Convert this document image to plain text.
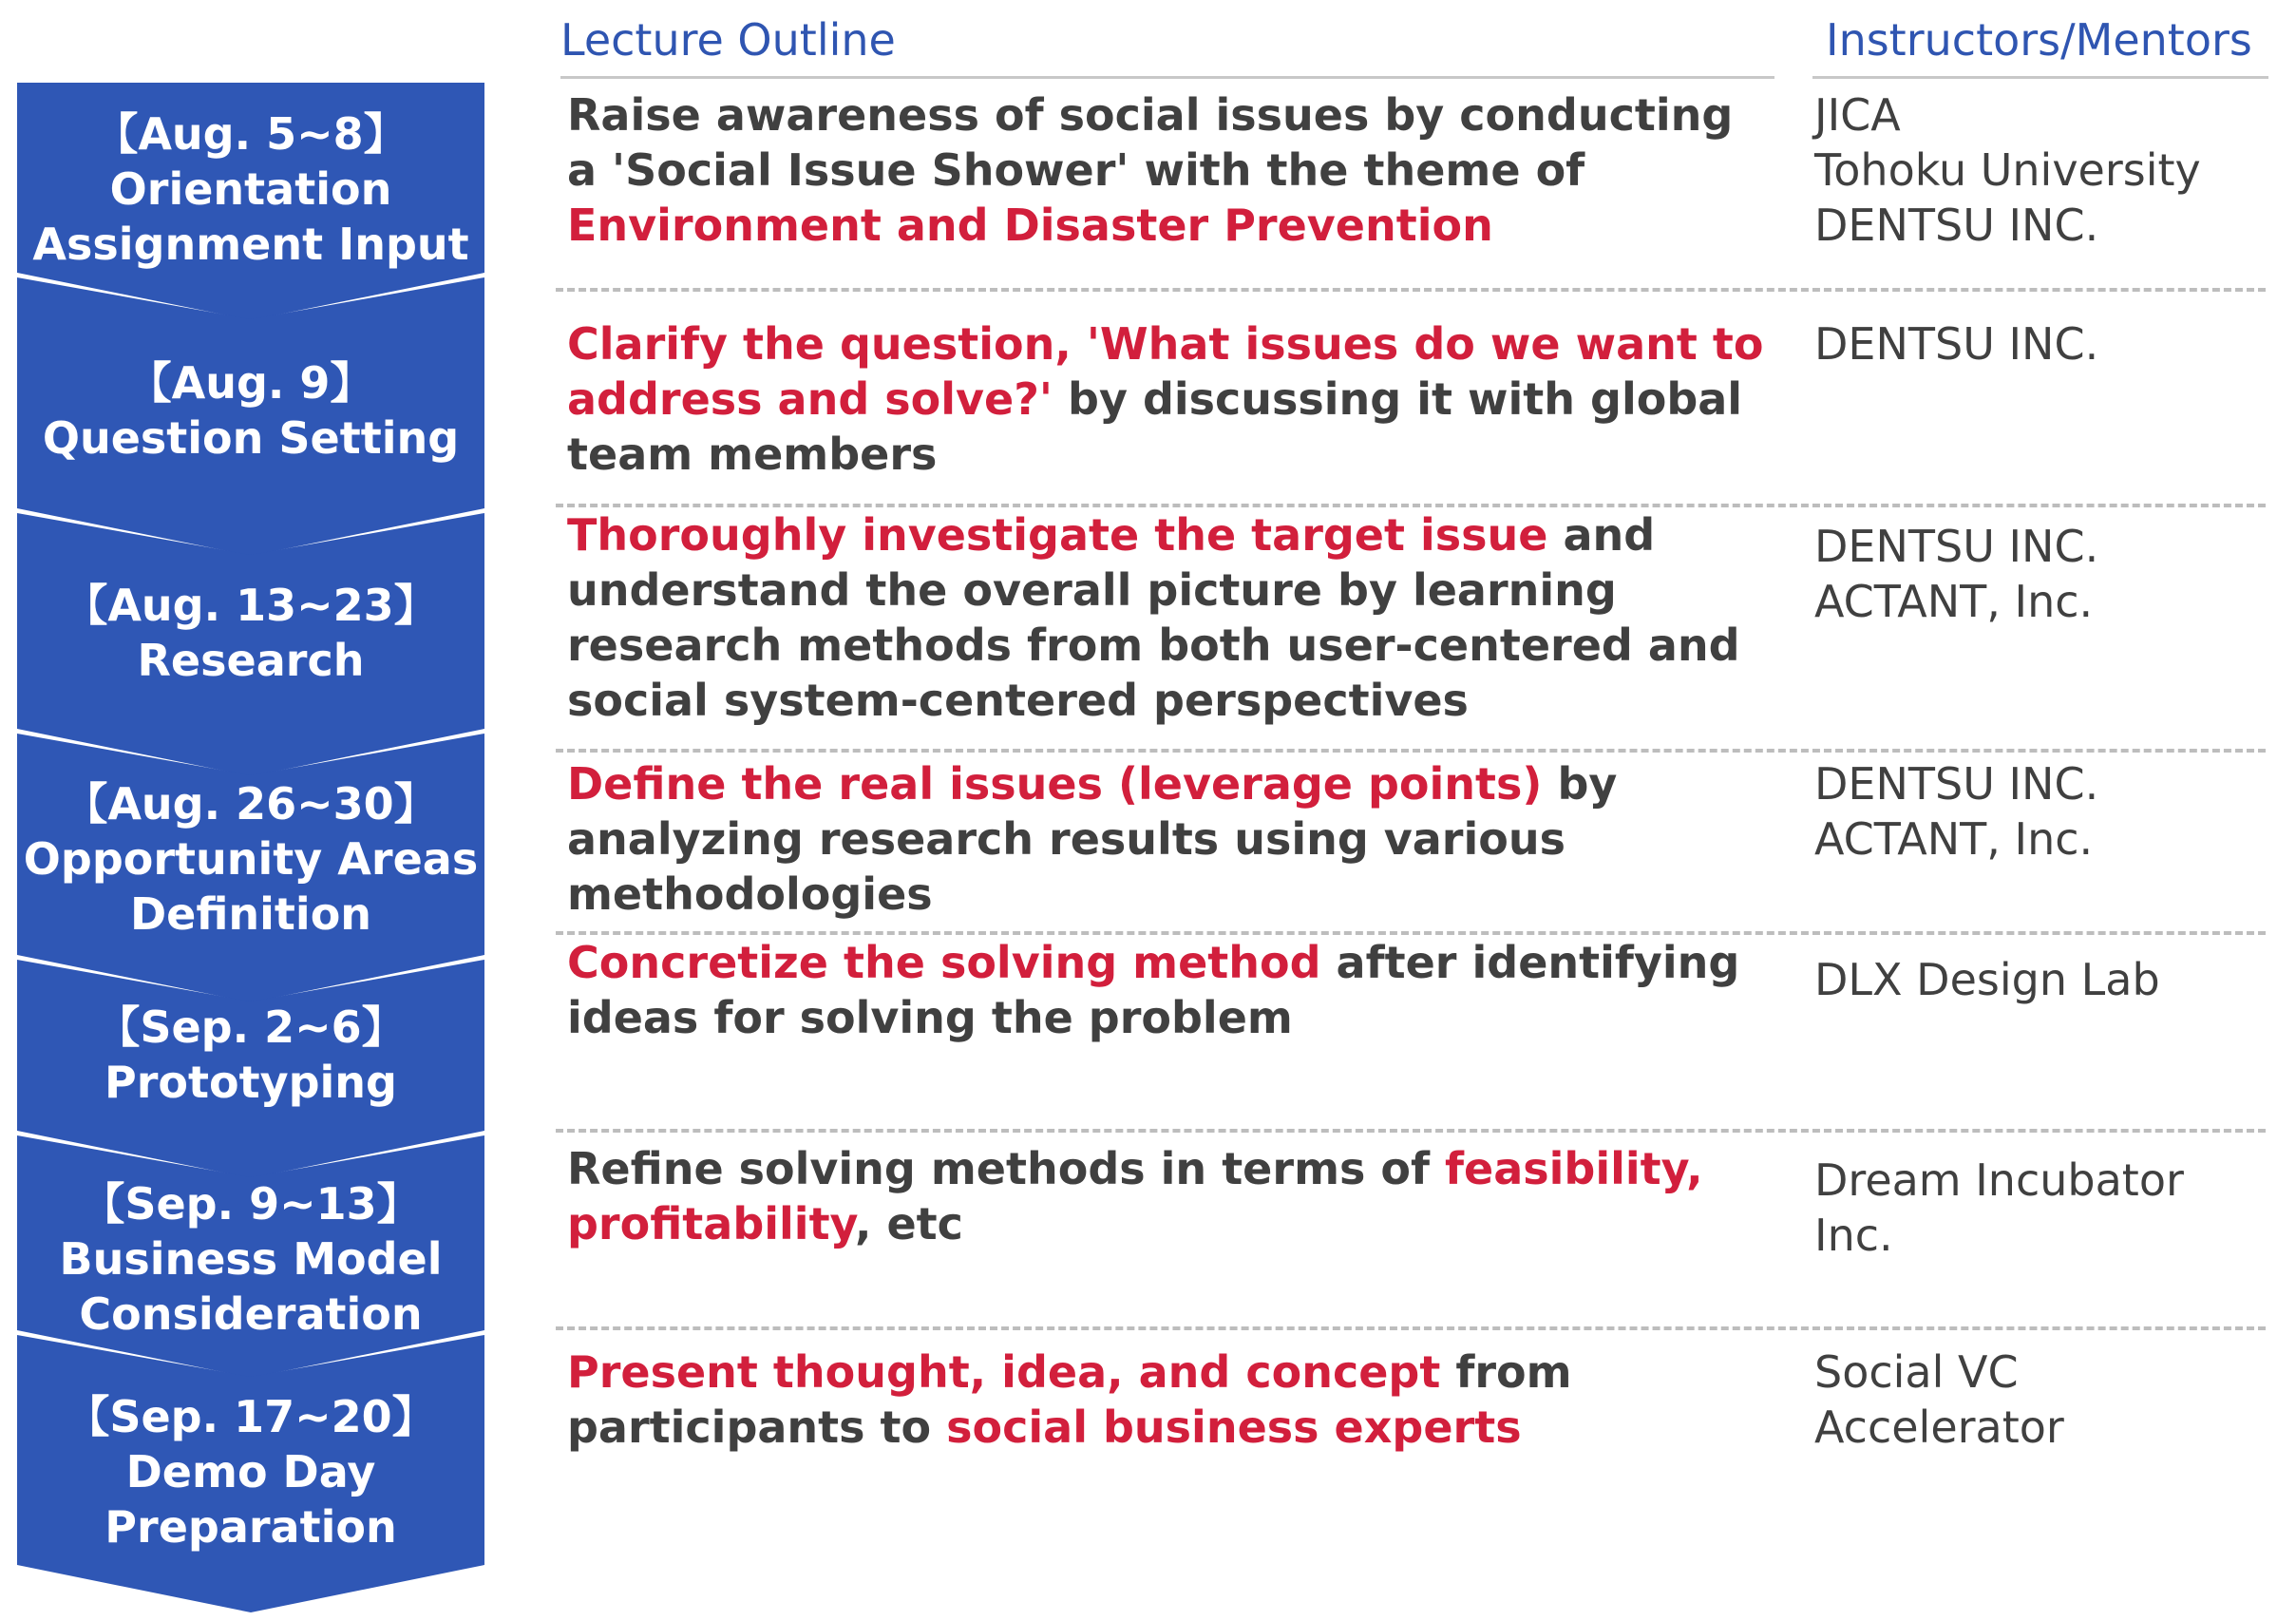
【Aug. 5~8】
Orientation
Assignment Input
【Aug. 9】
Question Setting
【Aug. 13~23】
Research
【Aug. 26~30】
Opportunity Areas
Definition
【Sep. 2~6】
Prototyping
【Sep. 9~13】
Business Model
Consideration
【Sep. 17~20】
Demo Day
Preparation
Lecture Outline	Instructors/Mentors

Raise awareness of social issues by conducting a 'Social Issue Shower' with the theme of Environment and Disaster Prevention

JICA
Tohoku University
DENTSU INC.

Clarify the question, 'What issues do we want to address and solve?' by discussing it with global team members

DENTSU INC.

Thoroughly investigate the target issue and understand the overall picture by learning research methods from both user-centered and social system-centered perspectives

DENTSU INC.
ACTANT, Inc.

Define the real issues (leverage points) by analyzing research results using various methodologies

DENTSU INC.
ACTANT, Inc.

Concretize the solving method after identifying ideas for solving the problem

DLX Design Lab

Refine solving methods in terms of feasibility, profitability, etc

Dream Incubator
Inc.

Present thought, idea, and concept from participants to social business experts

Social VC
Accelerator
